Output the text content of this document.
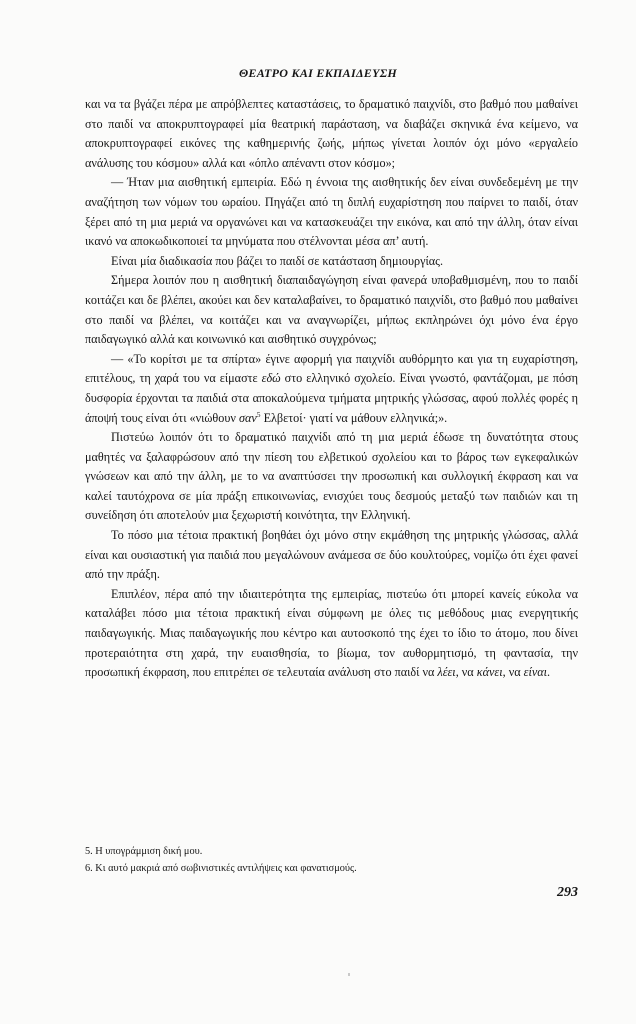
ΘΕΑΤΡΟ ΚΑΙ ΕΚΠΑΙΔΕΥΣΗ

και να τα βγάζει πέρα με απρόβλεπτες καταστάσεις, το δραματικό παιχνίδι, στο βαθμό που μαθαίνει στο παιδί να αποκρυπτογραφεί μία θεατρική παράσταση, να διαβάζει σκηνικά ένα κείμενο, να αποκρυπτογραφεί εικόνες της καθημερινής ζωής, μήπως γίνεται λοιπόν όχι μόνο «εργαλείο ανάλυσης του κόσμου» αλλά και «όπλο απέναντι στον κόσμο»;

— Ήταν μια αισθητική εμπειρία. Εδώ η έννοια της αισθητικής δεν είναι συνδεδεμένη με την αναζήτηση των νόμων του ωραίου. Πηγάζει από τη διπλή ευχαρίστηση που παίρνει το παιδί, όταν ξέρει από τη μια μεριά να οργανώνει και να κατασκευάζει την εικόνα, και από την άλλη, όταν είναι ικανό να αποκωδικοποιεί τα μηνύματα που στέλνονται μέσα απ’ αυτή.

Είναι μία διαδικασία που βάζει το παιδί σε κατάσταση δημιουργίας.

Σήμερα λοιπόν που η αισθητική διαπαιδαγώγηση είναι φανερά υποβαθμισμένη, που το παιδί κοιτάζει και δε βλέπει, ακούει και δεν καταλαβαίνει, το δραματικό παιχνίδι, στο βαθμό που μαθαίνει στο παιδί να βλέπει, να κοιτάζει και να αναγνωρίζει, μήπως εκπληρώνει όχι μόνο ένα έργο παιδαγωγικό αλλά και κοινωνικό και αισθητικό συγχρόνως;

— «Το κορίτσι με τα σπίρτα» έγινε αφορμή για παιχνίδι αυθόρμητο και για τη ευχαρίστηση, επιτέλους, τη χαρά του να είμαστε εδώ στο ελληνικό σχολείο. Είναι γνωστό, φαντάζομαι, με πόση δυσφορία έρχονται τα παιδιά στα αποκαλούμενα τμήματα μητρικής γλώσσας, αφού πολλές φορές η άποψή τους είναι ότι «νιώθουν σαν$^5$ Ελβετοί· γιατί να μάθουν ελληνικά;».

Πιστεύω λοιπόν ότι το δραματικό παιχνίδι από τη μια μεριά έδωσε τη δυνατότητα στους μαθητές να ξαλαφρώσουν από την πίεση του ελβετικού σχολείου και το βάρος των εγκεφαλικών γνώσεων και από την άλλη, με το να αναπτύσσει την προσωπική και συλλογική έκφραση και να καλεί ταυτόχρονα σε μία πράξη επικοινωνίας, ενισχύει τους δεσμούς μεταξύ των παιδιών και τη συνείδηση ότι αποτελούν μια ξεχωριστή κοινότητα, την Ελληνική.

Το πόσο μια τέτοια πρακτική βοηθάει όχι μόνο στην εκμάθηση της μητρικής γλώσσας, αλλά είναι και ουσιαστική για παιδιά που μεγαλώνουν ανάμεσα σε δύο κουλτούρες, νομίζω ότι έχει φανεί από την πράξη.

Επιπλέον, πέρα από την ιδιαιτερότητα της εμπειρίας, πιστεύω ότι μπορεί κανείς εύκολα να καταλάβει πόσο μια τέτοια πρακτική είναι σύμφωνη με όλες τις μεθόδους μιας ενεργητικής παιδαγωγικής. Μιας παιδαγωγικής που κέντρο και αυτοσκοπό της έχει το ίδιο το άτομο, που δίνει προτεραιότητα στη χαρά, την ευαισθησία, το βίωμα, τον αυθορμητισμό, τη φαντασία, την προσωπική έκφραση, που επιτρέπει σε τελευταία ανάλυση στο παιδί να λέει, να κάνει, να είναι.

5. Η υπογράμμιση δική μου.

6. Κι αυτό μακριά από σωβινιστικές αντιλήψεις και φανατισμούς.

293
